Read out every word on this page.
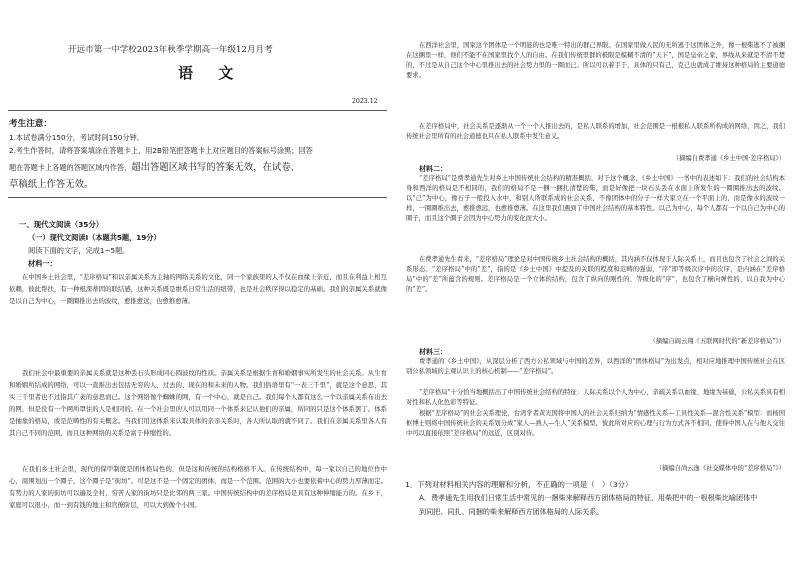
开远市第一中学校2023年秋季学期高一年级12月月考

语 文

2023.12

考生注意：

1.本试卷满分150分，考试时间150分钟。

2.考生作答时，请将答案填涂在答题卡上，用2B铅笔把答题卡上对应题目的答案标号涂黑；回答

题在答题卡上各题的答题区域内作答，超出答题区域书写的答案无效，在试卷、

草稿纸上作答无效。

一、现代文阅读（35分）

（一）现代文阅读Ⅰ（本题共5题，19分）

阅读下面的文字，完成1~5题。

材料一：

在中国乡土社会里，“差序格局”和以亲属关系为主轴的网络关系的文化，同一个家族里的人不仅在血缘上亲近，而且在利益上相互依赖，彼此帮扶，有一种根深蒂固的联结感，这种关系既是维系日常生活的纽带，也是社会秩序得以稳定的基础。我们的亲属关系就像是以自己为中心，一圈圈推出去的波纹，愈推愈远，也愈推愈薄。

我们社会中最重要的亲属关系就是这种丢石头形成同心圆波纹的性质。亲属关系是根据生育和婚姻事实所发生的社会关系。从生育和婚姻所结成的网络，可以一直推出去包括无穷的人，过去的、现在的和未来的人物。我们俗语里有“一表三千里”，就是这个意思，其实三千里者也不过指其广袤的意思而已。这个网络像个蜘蛛的网，有一个中心，就是自己。我们每个人都有这么一个以亲属关系布出去的网，但是没有一个网所罩住的人是相同的。在一个社会里的人可以用同一个体系来记认他们的亲属，所同的只是这个体系罢了。体系是抽象的格局，或是范畴性的有关概念。当我们用这体系来认取具体的亲亲关系时，各人所认取的就不同了。我们在亲属关系里各人有其自己不同的范围，而且这种网络的关系是富于伸缩性的。

在我们乡土社会里，现代的保甲制度是团体格局性的，但是这和传统的结构格格不入。在传统结构中，每一家以自己的地位作中心，周围划出一个圈子，这个圈子是“街坊”。可是这不是一个固定的团体，而是一个范围。范围的大小也要依着中心的势力厚薄而定。有势力的人家的街坊可以遍及全村，穷苦人家的街坊只是比邻的两三家。中国传统结构中的差序格局是具有这种伸缩能力的。在乡下，家庭可以很小，而一到有钱的地主和官僚阶层，可以大到像个小国。

在西洋社会里，国家这个团体是一个明显的也是唯一特出的群己界限。在国家里做人民的无所逃于这团体之外，像一根柴逃不了被捆在这捆里一样，他们不能不在国家里找个人的自由。在我们传统里群的极限是模糊不清的“天下”，国是皇帝之家，界线从来就是不清不楚的，不过是从自己这个中心里推出去的社会势力里的一圈而已。所以可以着手于，具体的只有己，克己也就成了维持这种格局的主要道德要求。

在差序格局中，社会关系是逐渐从一个一个人推出去的，是私人联系的增加，社会范围是一根根私人联系所构成的网络，因之，我们传统社会里所有的社会道德也只在私人联系中发生意义。

（摘编自费孝通《乡土中国·差序格局》）

材料二：

“差序格局”是费孝通先生对乡土中国传统社会结构的精准概括，对于这个概念，《乡土中国》一书中的表述如下：我们的社会结构本身和西洋的格局是不相同的，我们的格局不是一捆一捆扎清楚的柴，而是好像把一块石头丢在水面上所发生的一圈圈推出去的波纹。以“己”为中心，像石子一般投入水中，和别人所联系成的社会关系，不像团体中的分子一样大家立在一个平面上的，而是像水的波纹一样，一圈圈推出去，愈推愈远，也愈推愈薄。在这里我们遇到了中国社会结构的基本特性。以己为中心，每个人都有一个以自己为中心的圈子，而且这个圈子会因为中心势力的变化而大小。

在费孝通先生看来，“差序格局”理论是对中国传统乡土社会结构的概括，其内涵不仅体现于人际关系上，而且也包含了社会之间的关系形态。“差序格局”中的“差”，指的是《乡土中国》中提及的关联的程度和范畴的强弱，“序”即等级次序中的次序，是内涵在“差序格局”中的“差”所蕴含的规则。差序格局是一个立体的结构，包含了纵向的刚性的、等级化的“序”，也包含了横向弹性的、以自我为中心的“差”。

（摘编自阎云翔《五联网时代的“新差序格局”》）

材料三：

费孝通的《乡土中国》，从深层分析了西方公私领域与中国的差异，以西洋的“团体格局”为出发点，相对应地推理中国传统社会在区别公私领域的主观认识上的核心机制——“差序格局”。

“差序格局”十分恰当地概括出了中国传统社会结构的特征：人际关系以个人为中心，亲疏关系以血缘、地缘为基础，公私关系具有相对性和私人化色彩等特征。

根据“差序格局”的社会关系理论，台湾学者黄光国将中国人的社会关系归纳为“情感性关系—工具性关系—混合性关系”模型：而杨国枢博士则将中国传统社会的关系划分成“家人—熟人—生人”关系模型，彼此所对应的心理与行为方式各不相同，使得中国人在与他人交往中可以直接依照“差序格局”的远近，区别对待。

（摘编自尚云逸《社交媒体中的“差序格局”》）

1．下列对材料相关内容的理解和分析，不正确的一项是（　）（3分）

A．费孝通先生用我们日常生活中常见的一捆柴来解释西方团体格局的特征，用柴把中的一根根柴比喻团体中

到同把、同扎、同捆的柴来解释西方团体格局的人际关系。
